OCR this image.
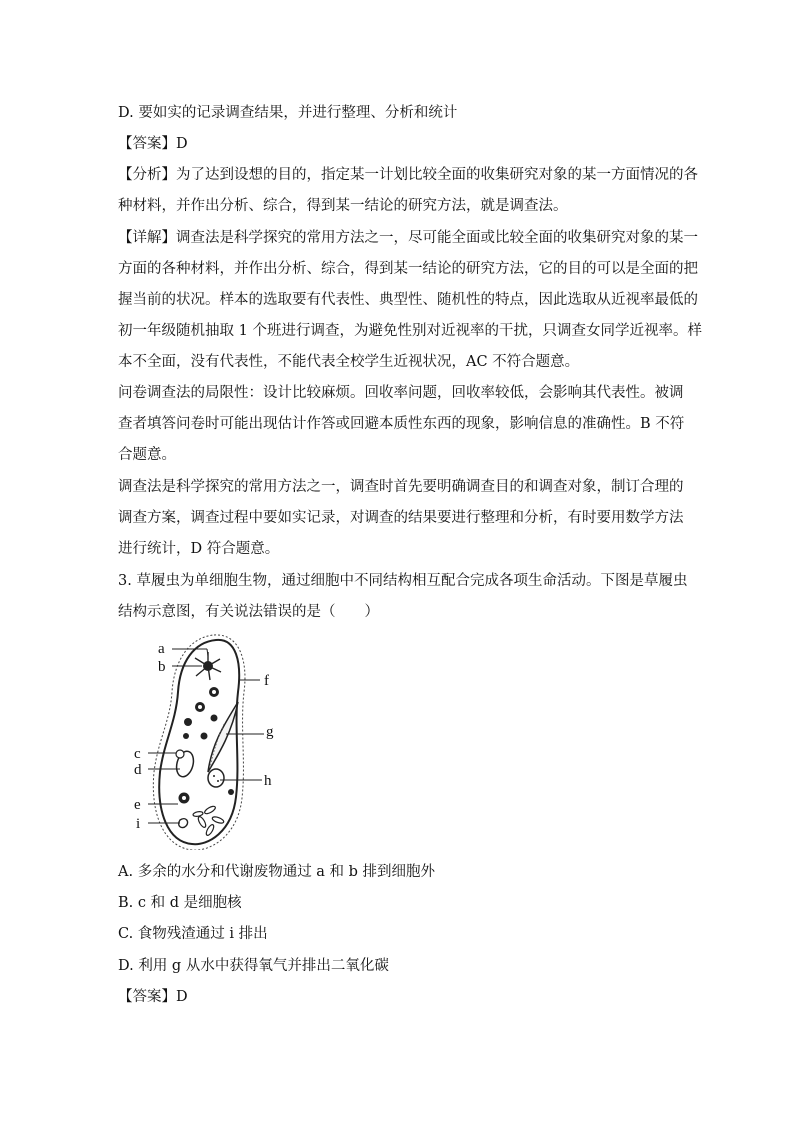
D. 要如实的记录调查结果，并进行整理、分析和统计
【答案】D
【分析】为了达到设想的目的，指定某一计划比较全面的收集研究对象的某一方面情况的各
种材料，并作出分析、综合，得到某一结论的研究方法，就是调查法。
【详解】调查法是科学探究的常用方法之一，尽可能全面或比较全面的收集研究对象的某一
方面的各种材料，并作出分析、综合，得到某一结论的研究方法，它的目的可以是全面的把
握当前的状况。样本的选取要有代表性、典型性、随机性的特点，因此选取从近视率最低的
初一年级随机抽取 1 个班进行调查，为避免性别对近视率的干扰，只调查女同学近视率。样
本不全面，没有代表性，不能代表全校学生近视状况，AC 不符合题意。
问卷调查法的局限性：设计比较麻烦。回收率问题，回收率较低，会影响其代表性。被调
查者填答问卷时可能出现估计作答或回避本质性东西的现象，影响信息的准确性。B 不符
合题意。
调查法是科学探究的常用方法之一，调查时首先要明确调查目的和调查对象，制订合理的
调查方案，调查过程中要如实记录，对调查的结果要进行整理和分析，有时要用数学方法
进行统计，D 符合题意。
3. 草履虫为单细胞生物，通过细胞中不同结构相互配合完成各项生命活动。下图是草履虫
结构示意图，有关说法错误的是（　　）
a
b
f
g
c
d
h
e
i
A. 多余的水分和代谢废物通过 a 和 b 排到细胞外
B. c 和 d 是细胞核
C. 食物残渣通过 i 排出
D. 利用 g 从水中获得氧气并排出二氧化碳
【答案】D
